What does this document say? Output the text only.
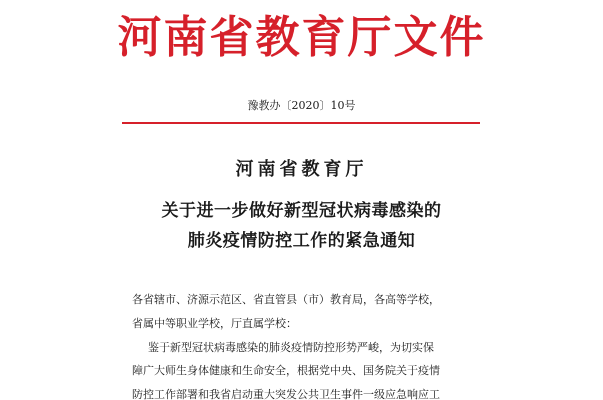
河南省教育厅文件
豫教办〔2020〕10号
河南省教育厅
关于进一步做好新型冠状病毒感染的
肺炎疫情防控工作的紧急通知
各省辖市、济源示范区、省直管县（市）教育局，各高等学校，
省属中等职业学校，厅直属学校：
鉴于新型冠状病毒感染的肺炎疫情防控形势严峻，为切实保
障广大师生身体健康和生命安全，根据党中央、国务院关于疫情
防控工作部署和我省启动重大突发公共卫生事件一级应急响应工
